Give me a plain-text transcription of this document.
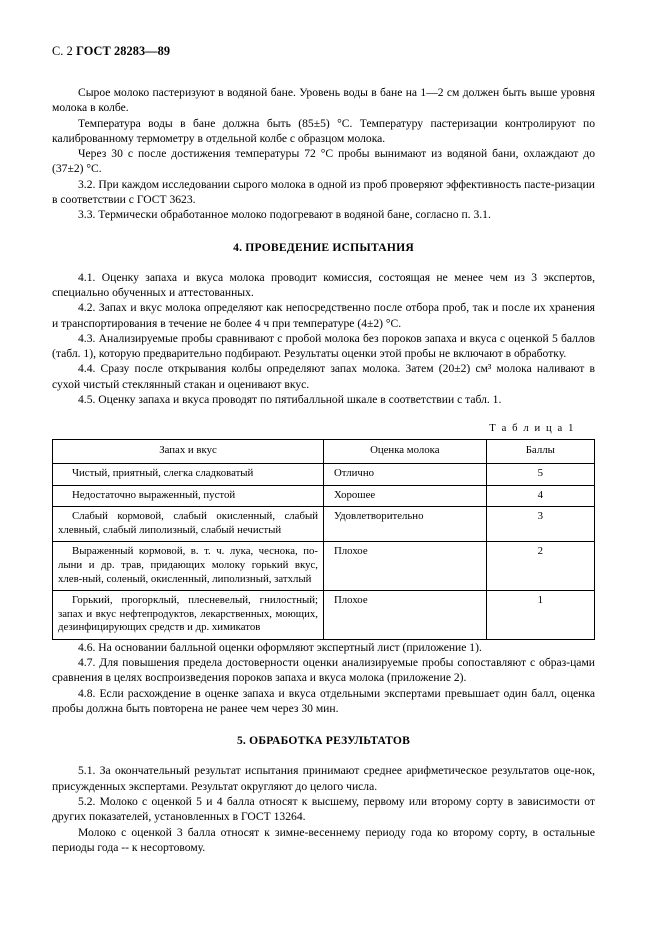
С. 2 ГОСТ 28283—89

Сырое молоко пастеризуют в водяной бане. Уровень воды в бане на 1—2 см должен быть выше уровня молока в колбе.

Температура воды в бане должна быть (85±5) °С. Температуру пастеризации контролируют по калиброванному термометру в отдельной колбе с образцом молока.

Через 30 с после достижения температуры 72 °С пробы вынимают из водяной бани, охлаждают до (37±2) °С.

3.2. При каждом исследовании сырого молока в одной из проб проверяют эффективность пасте-ризации в соответствии с ГОСТ 3623.

3.3. Термически обработанное молоко подогревают в водяной бане, согласно п. 3.1.

4. ПРОВЕДЕНИЕ ИСПЫТАНИЯ

4.1. Оценку запаха и вкуса молока проводит комиссия, состоящая не менее чем из 3 экспертов, специально обученных и аттестованных.

4.2. Запах и вкус молока определяют как непосредственно после отбора проб, так и после их хранения и транспортирования в течение не более 4 ч при температуре (4±2) °С.

4.3. Анализируемые пробы сравнивают с пробой молока без пороков запаха и вкуса с оценкой 5 баллов (табл. 1), которую предварительно подбирают. Результаты оценки этой пробы не включают в обработку.

4.4. Сразу после открывания колбы определяют запах молока. Затем (20±2) см³ молока наливают в сухой чистый стеклянный стакан и оценивают вкус.

4.5. Оценку запаха и вкуса проводят по пятибалльной шкале в соответствии с табл. 1.

Т а б л и ц а 1
Запах и вкус	Оценка молока	Баллы
Чистый, приятный, слегка сладковатый	Отлично	5
Недостаточно выраженный, пустой	Хорошее	4
Слабый кормовой, слабый окисленный, слабый хлевный, слабый липолизный, слабый нечистый	Удовлетворительно	3
Выраженный кормовой, в. т. ч. лука, чеснока, по-лыни и др. трав, придающих молоку горький вкус, хлев-ный, соленый, окисленный, липолизный, затхлый	Плохое	2
Горький, прогорклый, плесневелый, гнилостный; запах и вкус нефтепродуктов, лекарственных, моющих, дезинфицирующих средств и др. химикатов	Плохое	1

4.6. На основании балльной оценки оформляют экспертный лист (приложение 1).

4.7. Для повышения предела достоверности оценки анализируемые пробы сопоставляют с образ-цами сравнения в целях воспроизведения пороков запаха и вкуса молока (приложение 2).

4.8. Если расхождение в оценке запаха и вкуса отдельными экспертами превышает один балл, оценка пробы должна быть повторена не ранее чем через 30 мин.

5. ОБРАБОТКА РЕЗУЛЬТАТОВ

5.1. За окончательный результат испытания принимают среднее арифметическое результатов оце-нок, присужденных экспертами. Результат округляют до целого числа.

5.2. Молоко с оценкой 5 и 4 балла относят к высшему, первому или второму сорту в зависимости от других показателей, установленных в ГОСТ 13264.

Молоко с оценкой 3 балла относят к зимне-весеннему периоду года ко второму сорту, в остальные периоды года -- к несортовому.
